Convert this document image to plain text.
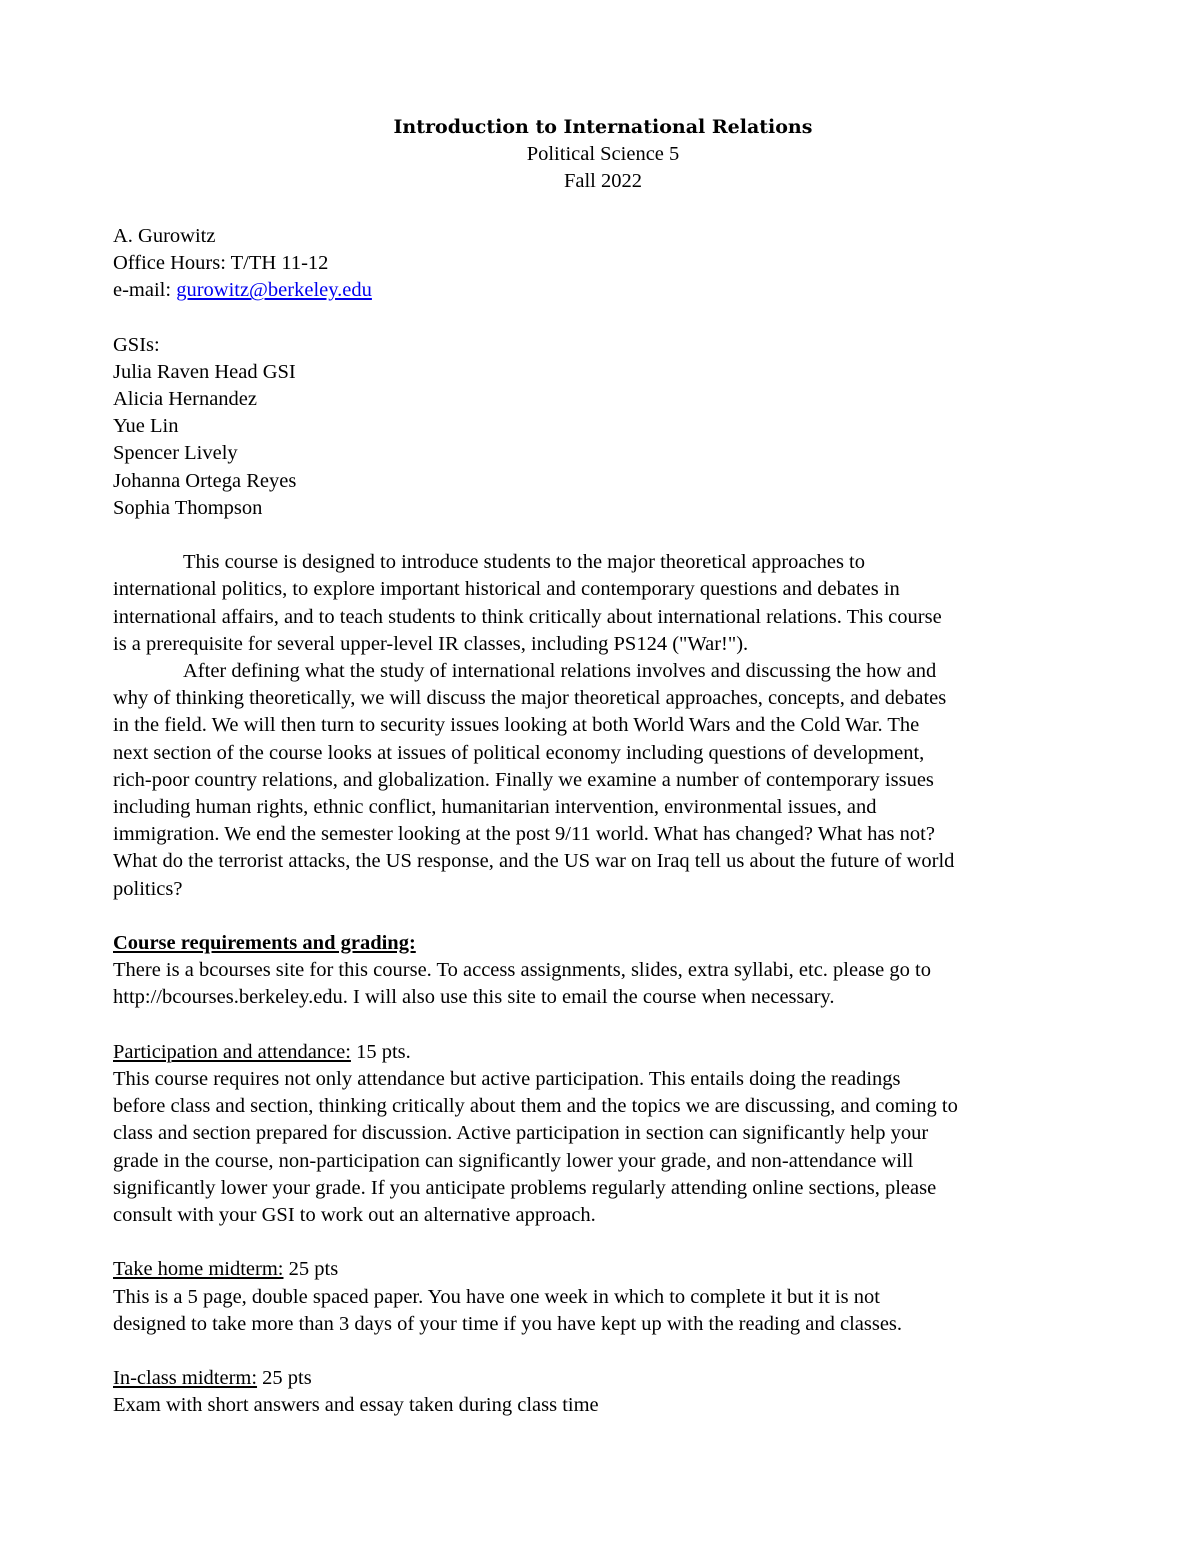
Introduction to International Relations
Political Science 5
Fall 2022
A. Gurowitz
Office Hours: T/TH 11-12
e-mail: gurowitz@berkeley.edu
GSIs:
Julia Raven Head GSI
Alicia Hernandez
Yue Lin
Spencer Lively
Johanna Ortega Reyes
Sophia Thompson
This course is designed to introduce students to the major theoretical approaches to
international politics, to explore important historical and contemporary questions and debates in
international affairs, and to teach students to think critically about international relations. This course
is a prerequisite for several upper-level IR classes, including PS124 ("War!").
After defining what the study of international relations involves and discussing the how and
why of thinking theoretically, we will discuss the major theoretical approaches, concepts, and debates
in the field. We will then turn to security issues looking at both World Wars and the Cold War. The
next section of the course looks at issues of political economy including questions of development,
rich-poor country relations, and globalization. Finally we examine a number of contemporary issues
including human rights, ethnic conflict, humanitarian intervention, environmental issues, and
immigration. We end the semester looking at the post 9/11 world. What has changed? What has not?
What do the terrorist attacks, the US response, and the US war on Iraq tell us about the future of world
politics?
Course requirements and grading:
There is a bcourses site for this course. To access assignments, slides, extra syllabi, etc. please go to
http://bcourses.berkeley.edu. I will also use this site to email the course when necessary.
Participation and attendance: 15 pts.
This course requires not only attendance but active participation. This entails doing the readings
before class and section, thinking critically about them and the topics we are discussing, and coming to
class and section prepared for discussion. Active participation in section can significantly help your
grade in the course, non-participation can significantly lower your grade, and non-attendance will
significantly lower your grade. If you anticipate problems regularly attending online sections, please
consult with your GSI to work out an alternative approach.
Take home midterm: 25 pts
This is a 5 page, double spaced paper. You have one week in which to complete it but it is not
designed to take more than 3 days of your time if you have kept up with the reading and classes.
In-class midterm: 25 pts
Exam with short answers and essay taken during class time
